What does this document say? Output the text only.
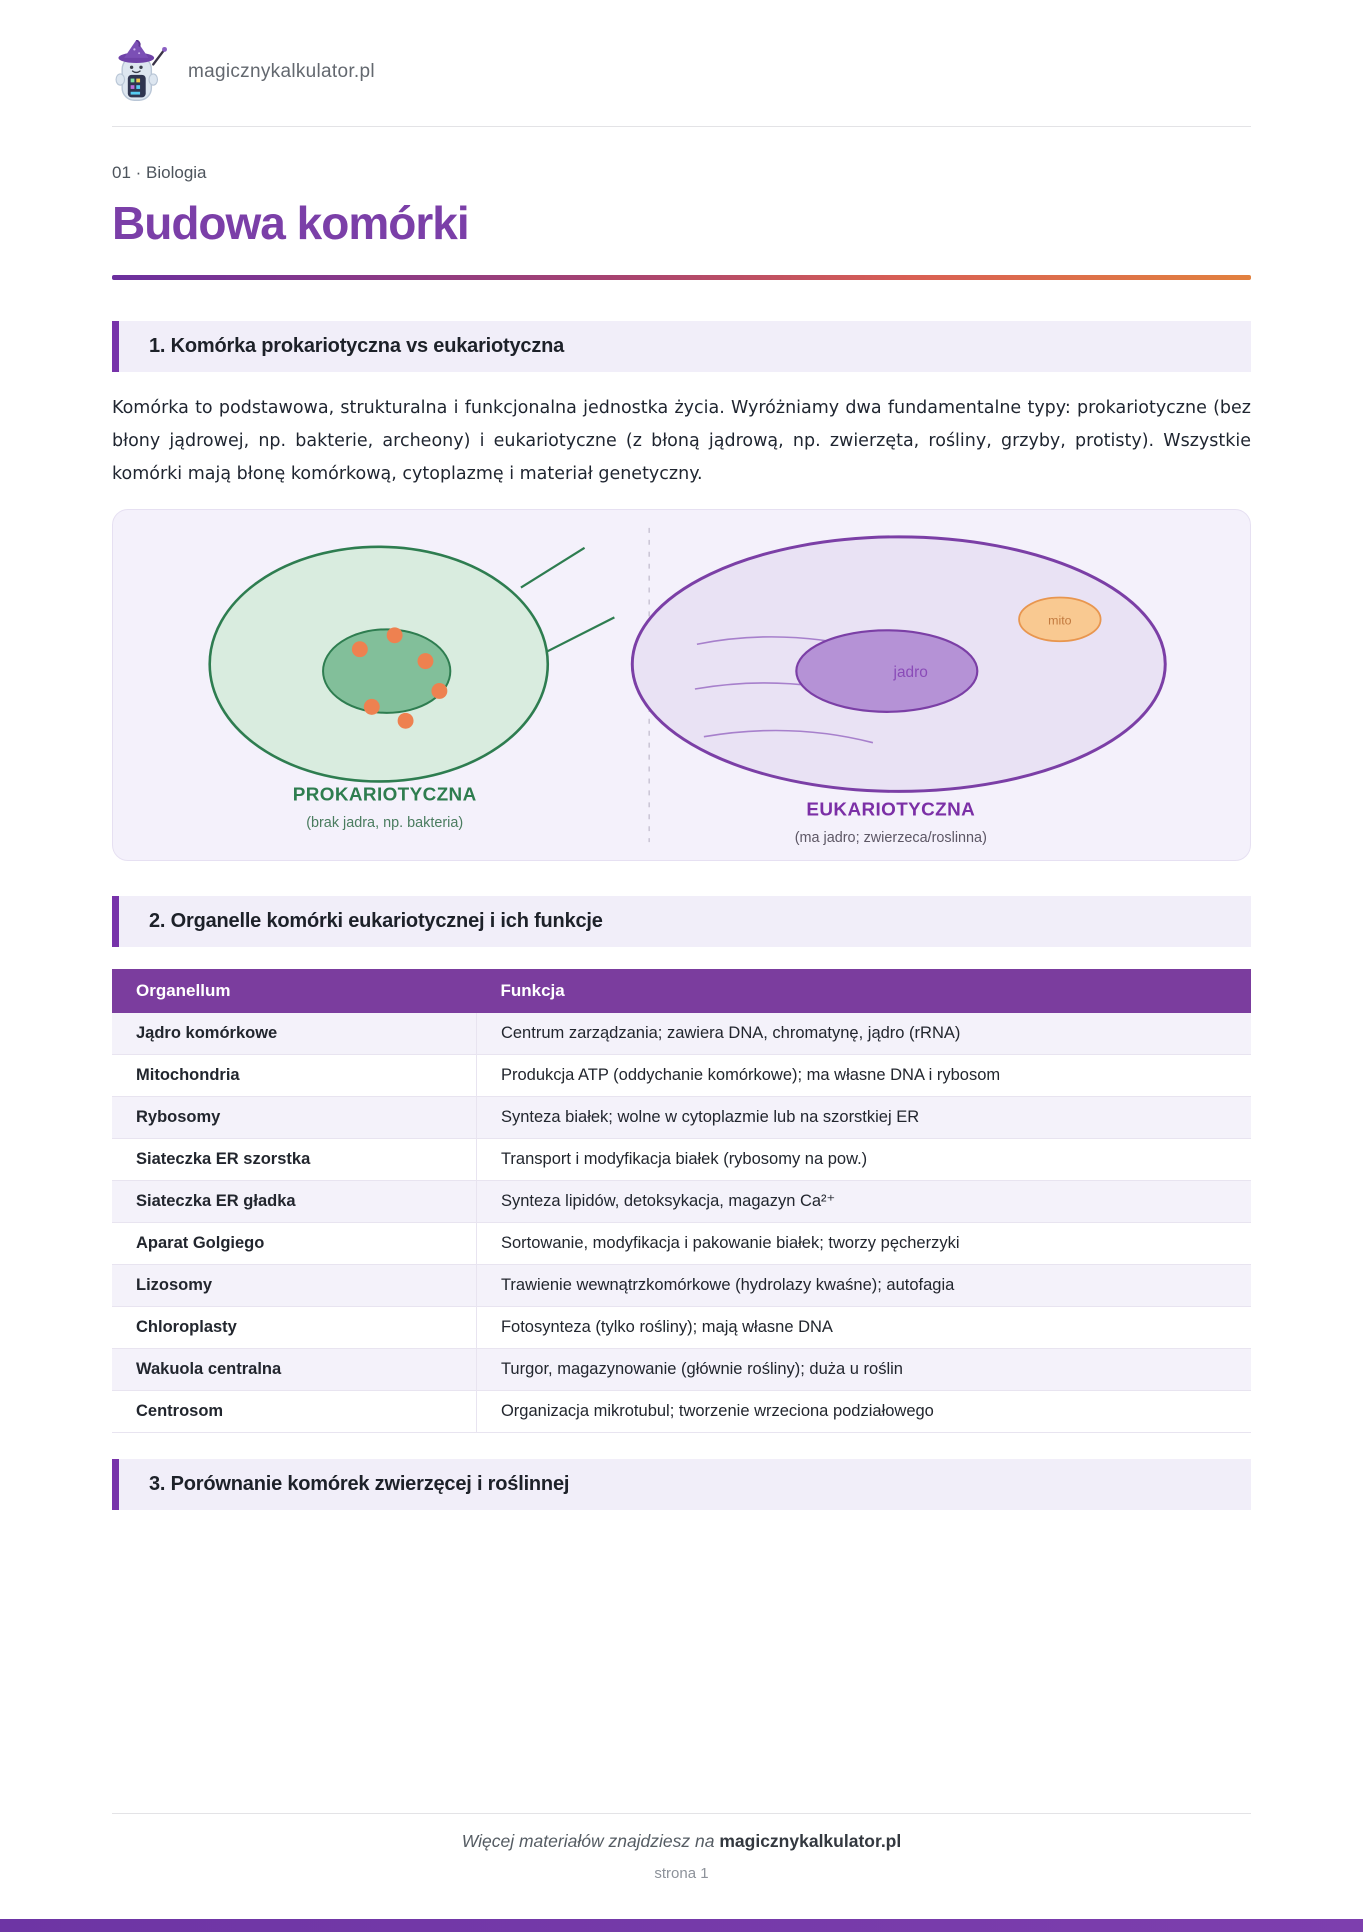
magicznykalkulator.pl
01 · Biologia
Budowa komórki
1. Komórka prokariotyczna vs eukariotyczna

Komórka to podstawowa, strukturalna i funkcjonalna jednostka życia. Wyróżniamy dwa fundamentalne typy: prokariotyczne (bez błony jądrowej, np. bakterie, archeony) i eukariotyczne (z błoną jądrową, np. zwierzęta, rośliny, grzyby, protisty). Wszystkie komórki mają błonę komórkową, cytoplazmę i materiał genetyczny.

jadro
mito
PROKARIOTYCZNA
(brak jadra, np. bakteria)
EUKARIOTYCZNA
(ma jadro; zwierzeca/roslinna)
2. Organelle komórki eukariotycznej i ich funkcje
Organellum	Funkcja
Jądro komórkowe	Centrum zarządzania; zawiera DNA, chromatynę, jądro (rRNA)
Mitochondria	Produkcja ATP (oddychanie komórkowe); ma własne DNA i rybosom
Rybosomy	Synteza białek; wolne w cytoplazmie lub na szorstkiej ER
Siateczka ER szorstka	Transport i modyfikacja białek (rybosomy na pow.)
Siateczka ER gładka	Synteza lipidów, detoksykacja, magazyn Ca²⁺
Aparat Golgiego	Sortowanie, modyfikacja i pakowanie białek; tworzy pęcherzyki
Lizosomy	Trawienie wewnątrzkomórkowe (hydrolazy kwaśne); autofagia
Chloroplasty	Fotosynteza (tylko rośliny); mają własne DNA
Wakuola centralna	Turgor, magazynowanie (głównie rośliny); duża u roślin
Centrosom	Organizacja mikrotubul; tworzenie wrzeciona podziałowego
3. Porównanie komórek zwierzęcej i roślinnej

Więcej materiałów znajdziesz na magicznykalkulator.pl

strona 1
